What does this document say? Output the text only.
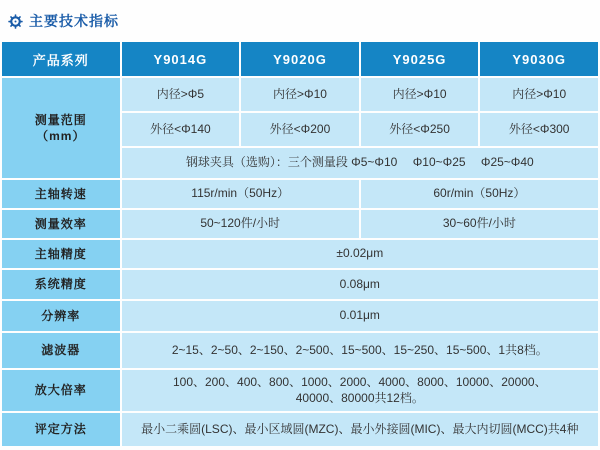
主要技术指标
产品系列	Y9014G	Y9020G	Y9025G	Y9030G

测量范围
（mm）	内径>Φ5	内径>Φ10	内径>Φ10	内径>Φ10
	外径<Φ140	外径<Φ200	外径<Φ250	外径<Φ300
	钢球夹具（选购）：三个测量段 Φ5~Φ10　 Φ10~Φ25　 Φ25~Φ40			
主轴转速	115r/min（50Hz）		60r/min（50Hz）	
测量效率	50~120件/小时		30~60件/小时	
主轴精度	±0.02μm			
系统精度	0.08μm			
分辨率	0.01μm			
滤波器	2~15、2~50、2~150、2~500、15~500、15~250、15~500、1共8档。			
放大倍率	100、200、400、800、1000、2000、4000、8000、10000、20000、
40000、80000共12档。			

评定方法	最小二乘圆(LSC)、最小区域圆(MZC)、最小外接圆(MIC)、最大内切圆(MCC)共4种			
